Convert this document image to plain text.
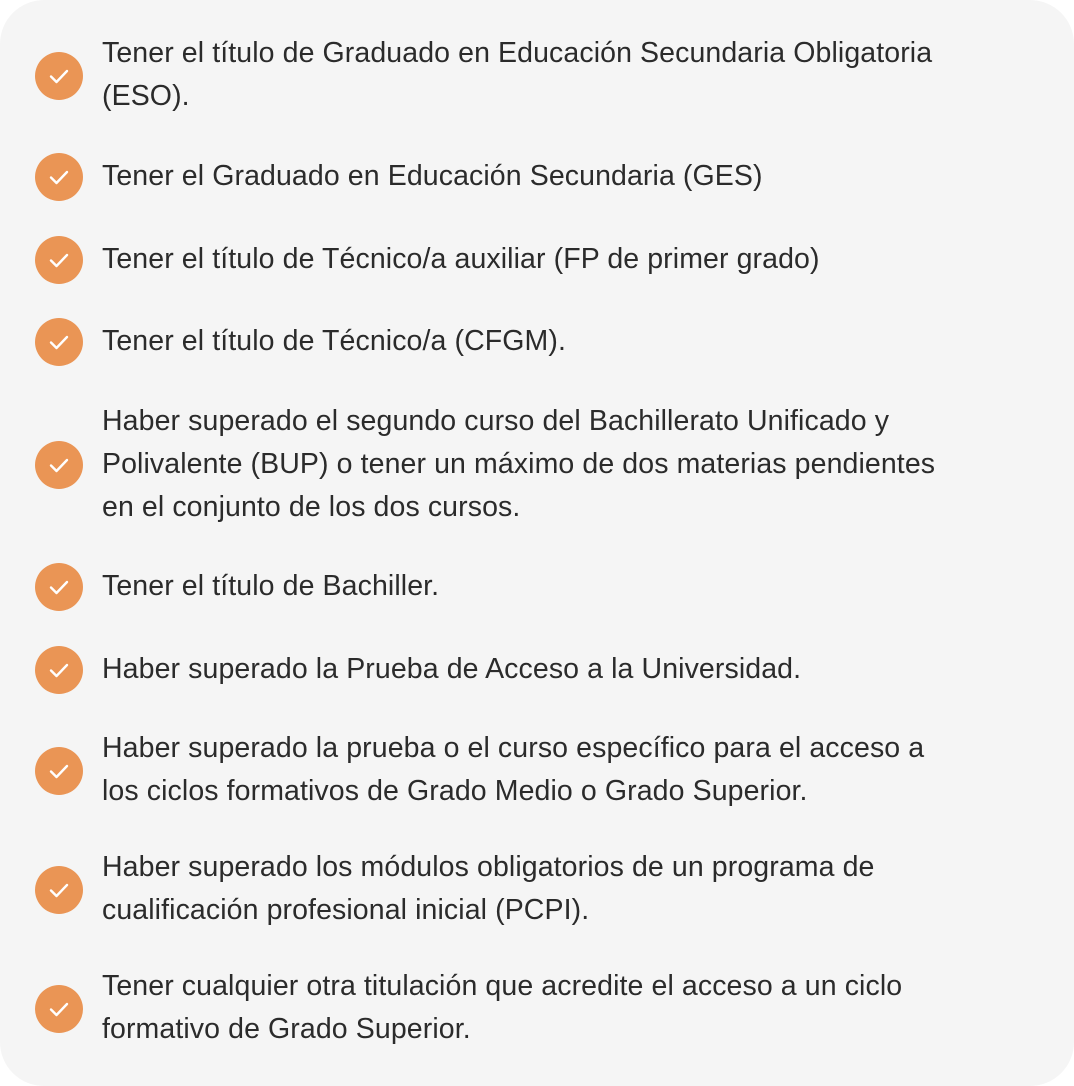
Tener el título de Graduado en Educación Secundaria Obligatoria
(ESO).
Tener el Graduado en Educación Secundaria (GES)
Tener el título de Técnico/a auxiliar (FP de primer grado)
Tener el título de Técnico/a (CFGM).
Haber superado el segundo curso del Bachillerato Unificado y
Polivalente (BUP) o tener un máximo de dos materias pendientes
en el conjunto de los dos cursos.
Tener el título de Bachiller.
Haber superado la Prueba de Acceso a la Universidad.
Haber superado la prueba o el curso específico para el acceso a
los ciclos formativos de Grado Medio o Grado Superior.
Haber superado los módulos obligatorios de un programa de
cualificación profesional inicial (PCPI).
Tener cualquier otra titulación que acredite el acceso a un ciclo
formativo de Grado Superior.
